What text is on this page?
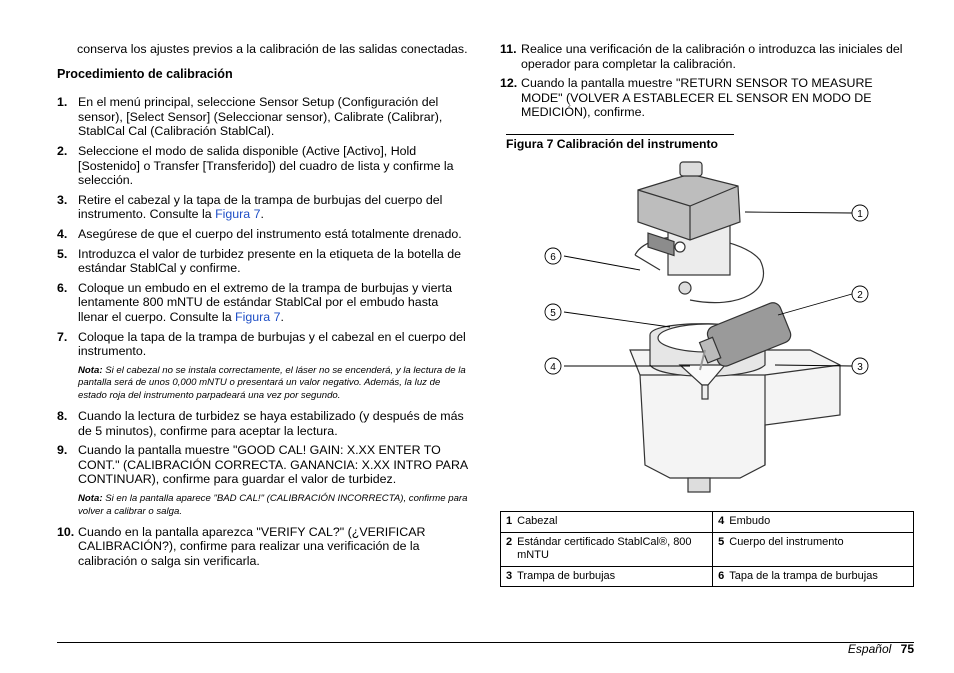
conserva los ajustes previos a la calibración de las salidas conectadas.

Procedimiento de calibración
1. En el menú principal, seleccione Sensor Setup (Configuración del sensor), [Select Sensor] (Seleccionar sensor), Calibrate (Calibrar), StablCal Cal (Calibración StablCal).
2. Seleccione el modo de salida disponible (Active [Activo], Hold [Sostenido] o Transfer [Transferido]) del cuadro de lista y confirme la selección.
3. Retire el cabezal y la tapa de la trampa de burbujas del cuerpo del instrumento. Consulte la Figura 7.
4. Asegúrese de que el cuerpo del instrumento está totalmente drenado.
5. Introduzca el valor de turbidez presente en la etiqueta de la botella de estándar StablCal y confirme.
6. Coloque un embudo en el extremo de la trampa de burbujas y vierta lentamente 800 mNTU de estándar StablCal por el embudo hasta llenar el cuerpo. Consulte la Figura 7.
7. Coloque la tapa de la trampa de burbujas y el cabezal en el cuerpo del instrumento.
Nota: Si el cabezal no se instala correctamente, el láser no se encenderá, y la lectura de la pantalla será de unos 0,000 mNTU o presentará un valor negativo. Además, la luz de estado roja del instrumento parpadeará una vez por segundo.
8. Cuando la lectura de turbidez se haya estabilizado (y después de más de 5 minutos), confirme para aceptar la lectura.
9. Cuando la pantalla muestre "GOOD CAL! GAIN: X.XX ENTER TO CONT." (CALIBRACIÓN CORRECTA. GANANCIA: X.XX INTRO PARA CONTINUAR), confirme para guardar el valor de turbidez.
Nota: Si en la pantalla aparece "BAD CAL!" (CALIBRACIÓN INCORRECTA), confirme para volver a calibrar o salga.
10. Cuando en la pantalla aparezca "VERIFY CAL?" (¿VERIFICAR CALIBRACIÓN?), confirme para realizar una verificación de la calibración o salga sin verificarla.
11. Realice una verificación de la calibración o introduzca las iniciales del operador para completar la calibración.
12. Cuando la pantalla muestre "RETURN SENSOR TO MEASURE MODE" (VOLVER A ESTABLECER EL SENSOR EN MODO DE MEDICIÓN), confirme.
Figura 7 Calibración del instrumento
1
2
3
4
5
6
1	Cabezal	4	Embudo
2	Estándar certificado StablCal®, 800 mNTU	5	Cuerpo del instrumento
3	Trampa de burbujas	6	Tapa de la trampa de burbujas
Español 75
